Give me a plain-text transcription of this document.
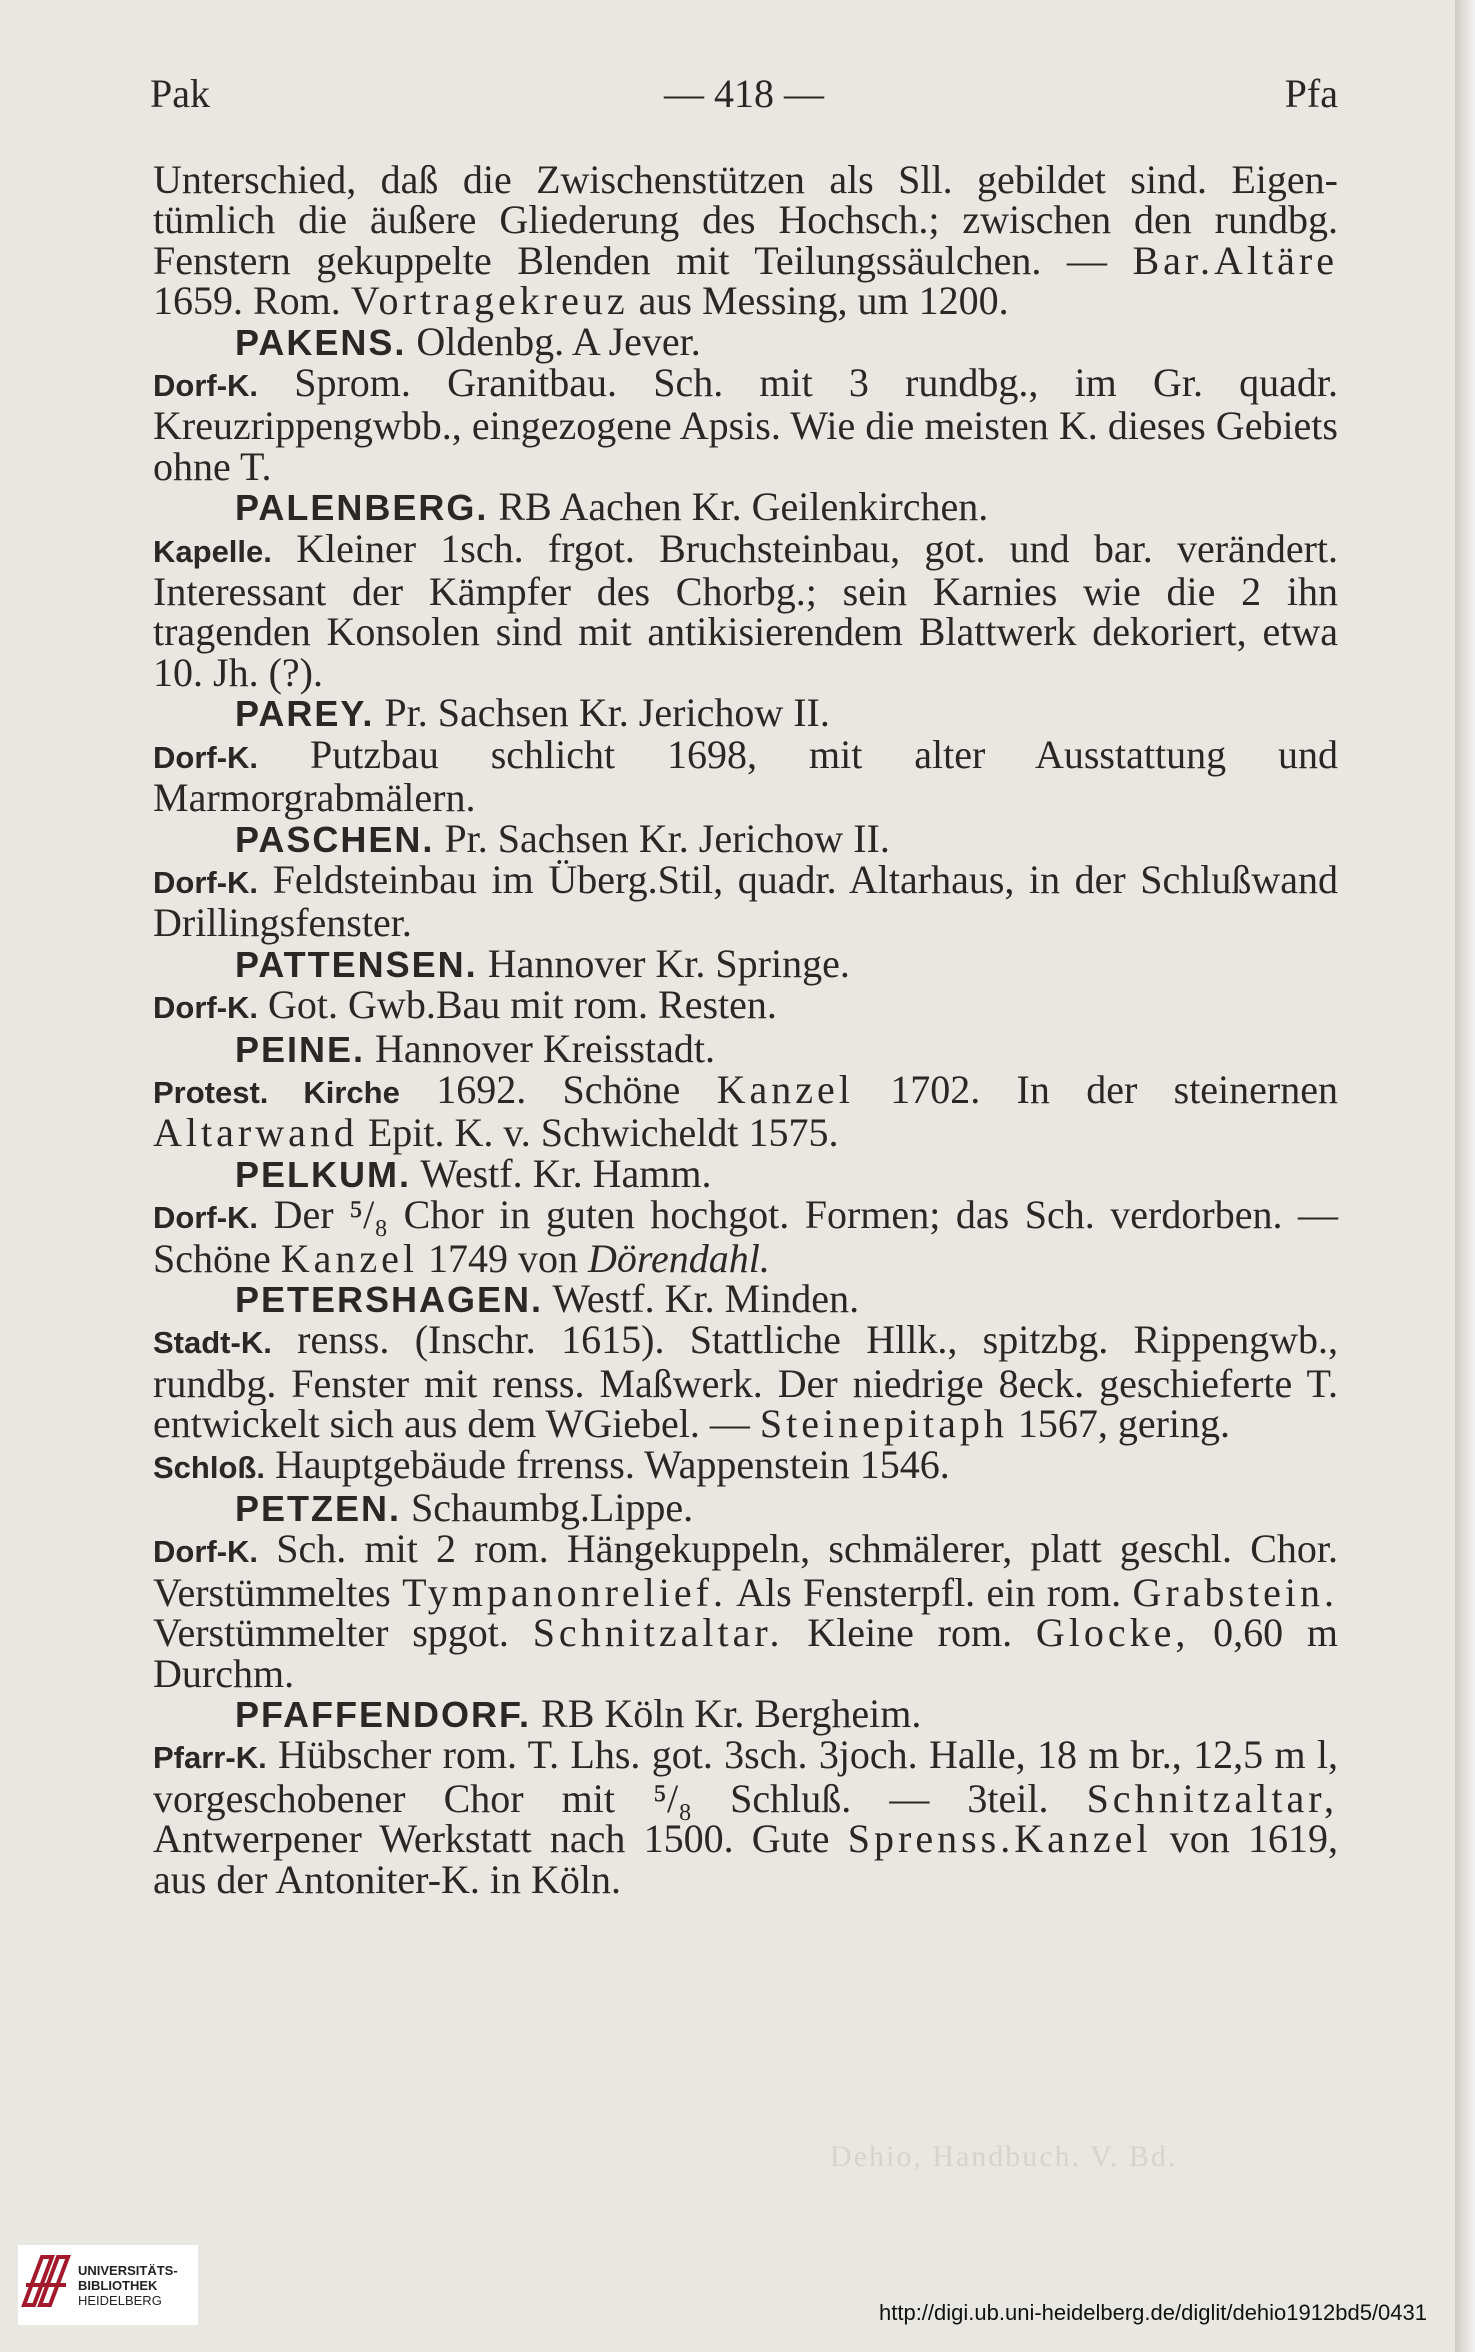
Pak	— 418 —	Pfa

Unterschied, daß die Zwischenstützen als Sll. gebildet sind. Eigen- tümlich die äußere Gliederung des Hochsch.; zwischen den rundbg. Fenstern gekuppelte Blenden mit Teilungssäulchen. — Bar.Altäre 1659. Rom. Vortragekreuz aus Messing, um 1200.

PAKENS. Oldenbg. A Jever.

Dorf-K. Sprom. Granitbau. Sch. mit 3 rundbg., im Gr. quadr. Kreuzrippengwbb., eingezogene Apsis. Wie die meisten K. dieses Gebiets ohne T.

PALENBERG. RB Aachen Kr. Geilenkirchen.

Kapelle. Kleiner 1sch. frgot. Bruchsteinbau, got. und bar. verändert. Interessant der Kämpfer des Chorbg.; sein Karnies wie die 2 ihn tragenden Konsolen sind mit antikisierendem Blattwerk dekoriert, etwa 10. Jh. (?).

PAREY. Pr. Sachsen Kr. Jerichow II.

Dorf-K. Putzbau schlicht 1698, mit alter Ausstattung und Marmorgrabmälern.

PASCHEN. Pr. Sachsen Kr. Jerichow II.

Dorf-K. Feldsteinbau im Überg.Stil, quadr. Altarhaus, in der Schlußwand Drillingsfenster.

PATTENSEN. Hannover Kr. Springe.

Dorf-K. Got. Gwb.Bau mit rom. Resten.

PEINE. Hannover Kreisstadt.

Protest. Kirche 1692. Schöne Kanzel 1702. In der steinernen Altarwand Epit. K. v. Schwicheldt 1575.

PELKUM. Westf. Kr. Hamm.

Dorf-K. Der ⁵/₈ Chor in guten hochgot. Formen; das Sch. verdorben. — Schöne Kanzel 1749 von Dörendahl.

PETERSHAGEN. Westf. Kr. Minden.

Stadt-K. renss. (Inschr. 1615). Stattliche Hllk., spitzbg. Rippengwb., rundbg. Fenster mit renss. Maßwerk. Der niedrige 8eck. geschieferte T. entwickelt sich aus dem WGiebel. — Steinepitaph 1567, gering.

Schloß. Hauptgebäude frrenss. Wappenstein 1546.

PETZEN. Schaumbg.Lippe.

Dorf-K. Sch. mit 2 rom. Hängekuppeln, schmälerer, platt geschl. Chor. Verstümmeltes Tympanonrelief. Als Fensterpfl. ein rom. Grabstein. Verstümmelter spgot. Schnitzaltar. Kleine rom. Glocke, 0,60 m Durchm.

PFAFFENDORF. RB Köln Kr. Bergheim.

Pfarr-K. Hübscher rom. T. Lhs. got. 3sch. 3joch. Halle, 18 m br., 12,5 m l, vorgeschobener Chor mit ⁵/₈ Schluß. — 3teil. Schnitzaltar, Antwerpener Werkstatt nach 1500. Gute Sprenss.Kanzel von 1619, aus der Antoniter-K. in Köln.

Dehio, Handbuch. V. Bd.
UNIVERSITÄTS-
BIBLIOTHEK
HEIDELBERG	http://digi.ub.uni-heidelberg.de/diglit/dehio1912bd5/0431
